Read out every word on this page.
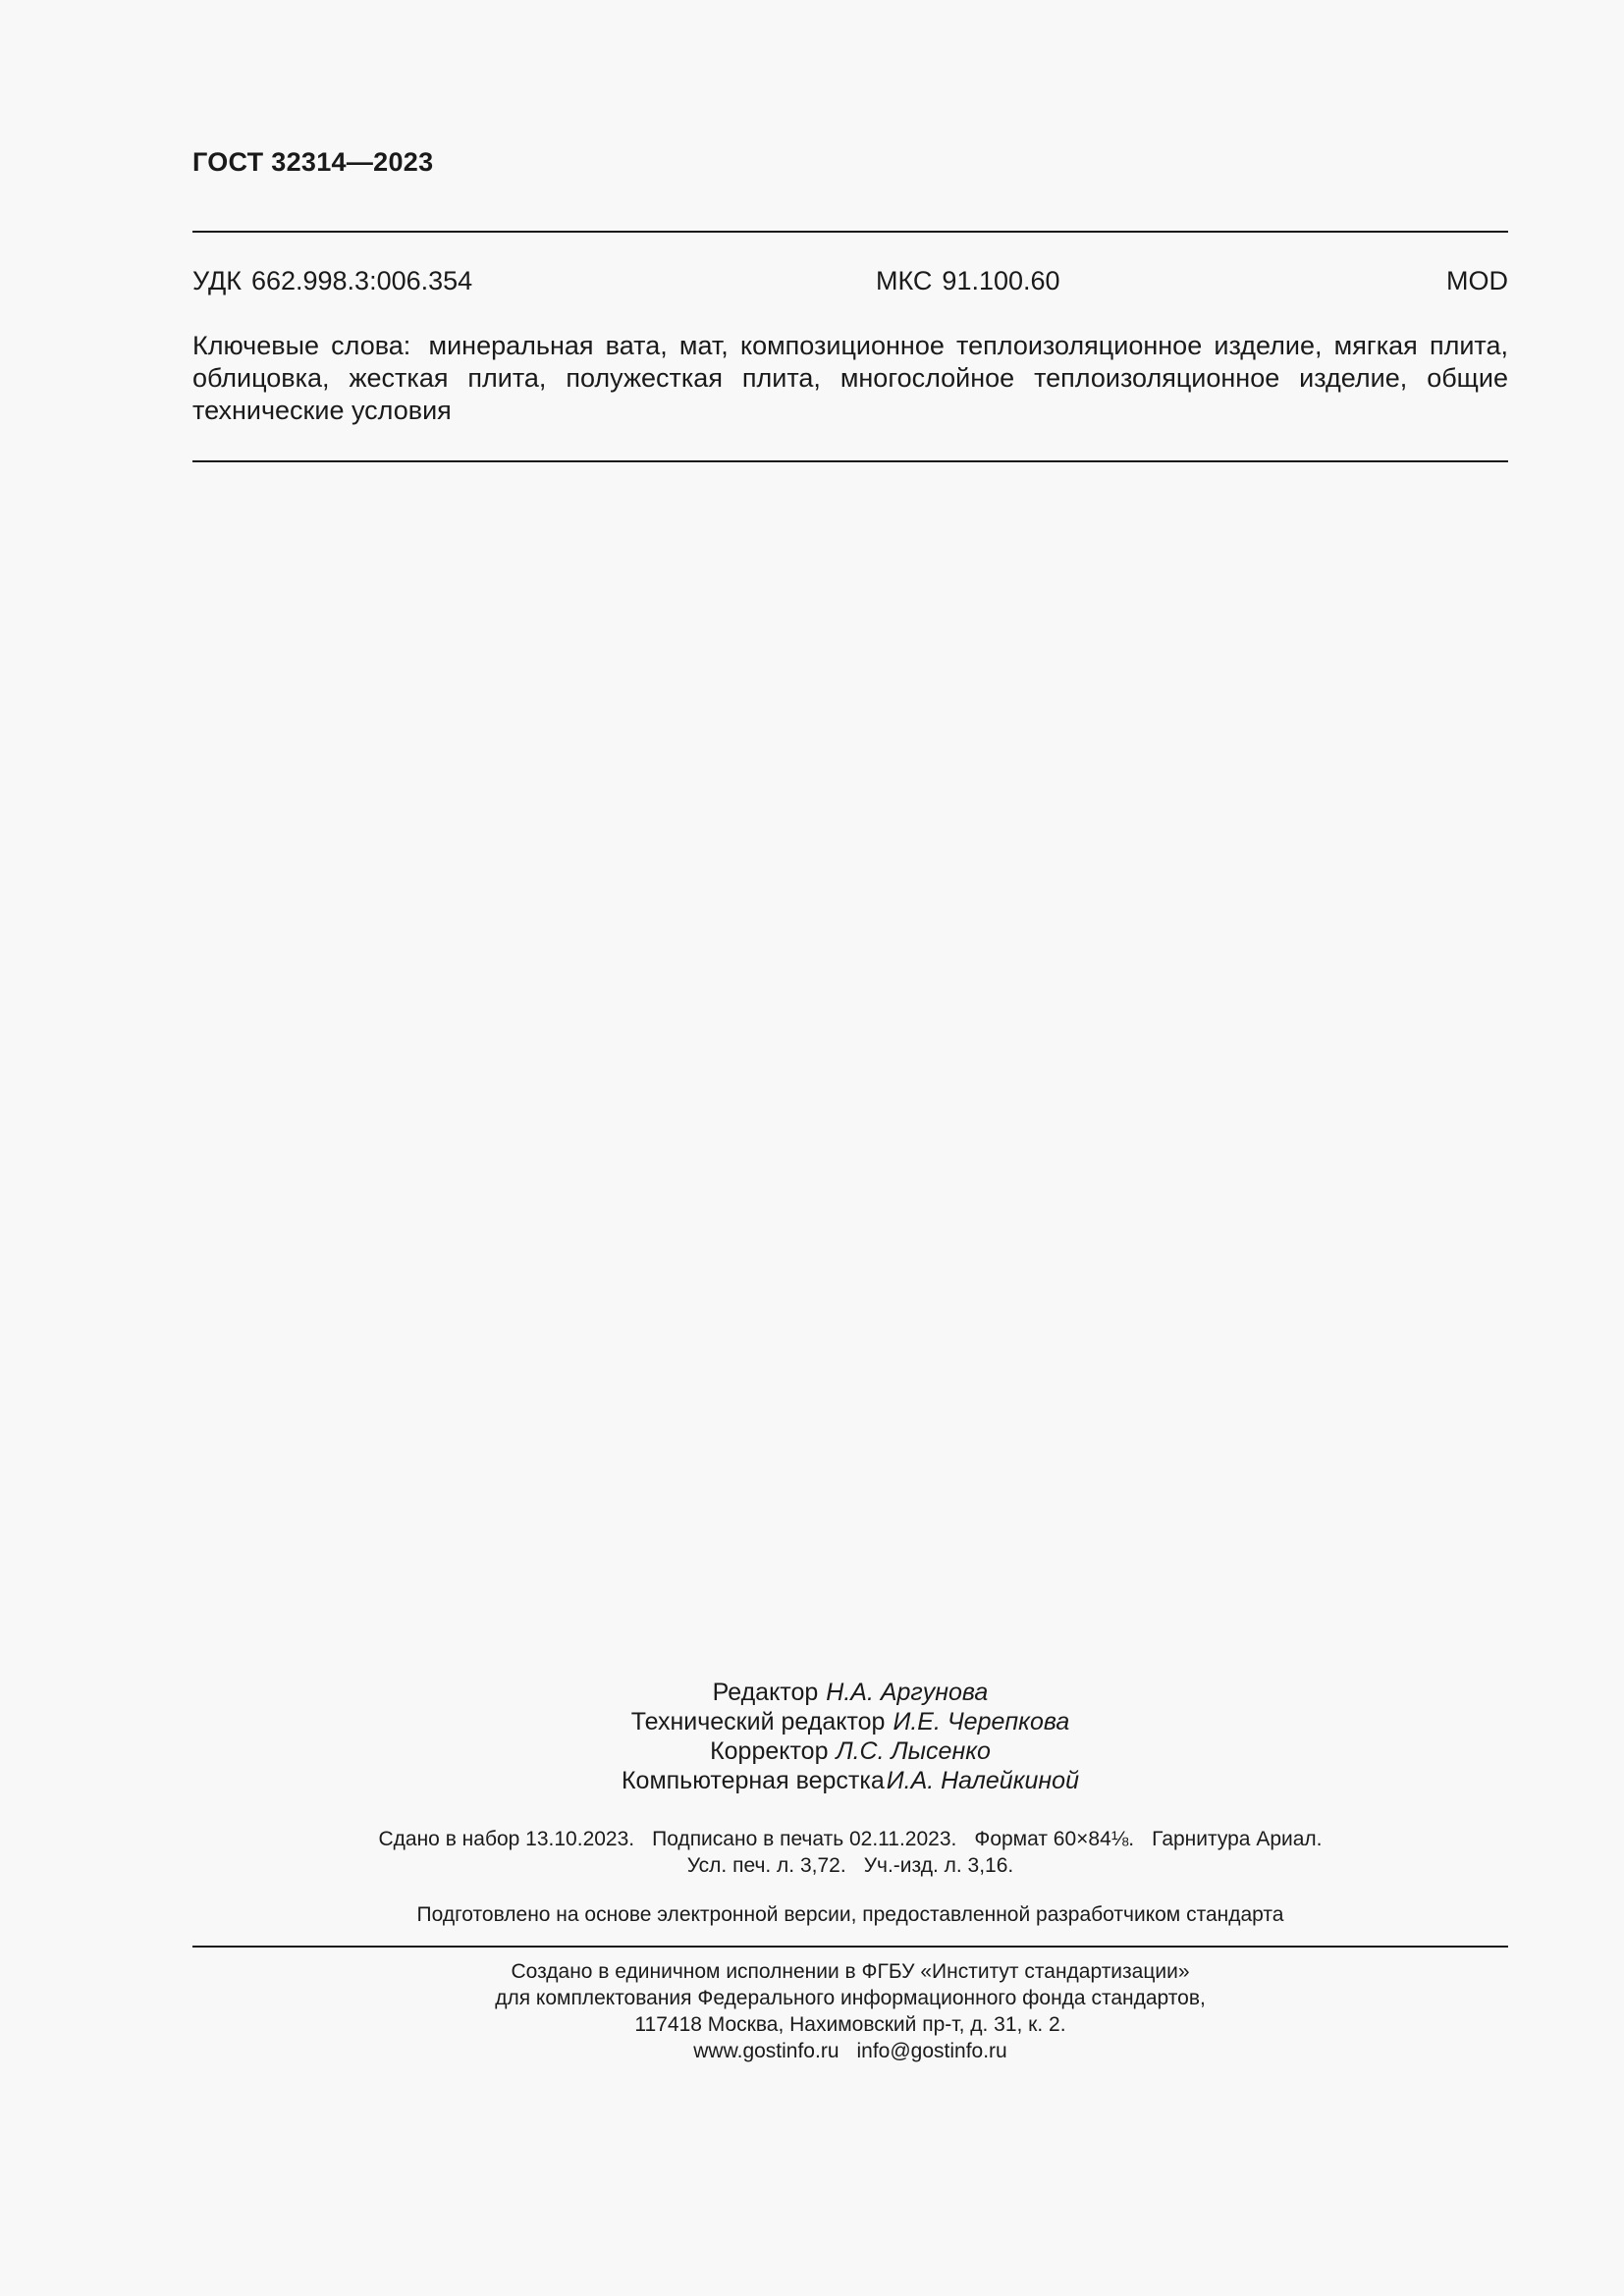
ГОСТ 32314—2023
УДК 662.998.3:006.354	МКС 91.100.60	MOD
Ключевые слова: минеральная вата, мат, композиционное теплоизоляционное изделие, мягкая плита, облицовка, жесткая плита, полужесткая плита, многослойное теплоизоляционное изделие, общие технические условия
Редактор Н.А. Аргунова
Технический редактор И.Е. Черепкова
Корректор Л.С. Лысенко
Компьютерная версткаИ.А. Налейкиной
Сдано в набор 13.10.2023. Подписано в печать 02.11.2023. Формат 60×84⅛. Гарнитура Ариал.
Усл. печ. л. 3,72. Уч.-изд. л. 3,16.
Подготовлено на основе электронной версии, предоставленной разработчиком стандарта
Создано в единичном исполнении в ФГБУ «Институт стандартизации»
для комплектования Федерального информационного фонда стандартов,
117418 Москва, Нахимовский пр-т, д. 31, к. 2.
www.gostinfo.ru info@gostinfo.ru
